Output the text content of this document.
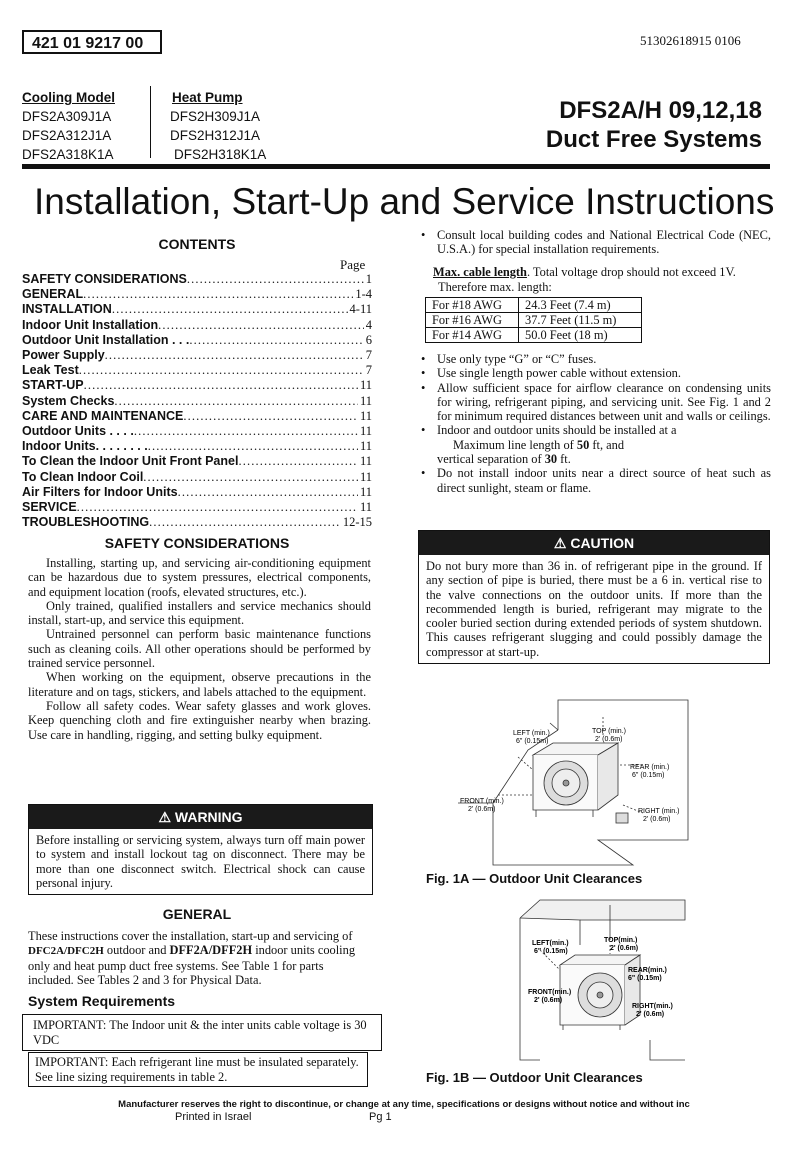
421 01 9217 00	51302618915 0106
Cooling Model
DFS2A309J1A
DFS2A312J1A
DFS2A318K1A
Heat Pump
DFS2H309J1A
DFS2H312J1A
DFS2H318K1A
DFS2A/H 09,12,18
Duct Free Systems
Installation, Start-Up and Service Instructions
CONTENTS
Page
SAFETY CONSIDERATIONS . . .	1
GENERAL . . .	1-4
INSTALLATION . . .	4-11
Indoor Unit Installation . . .	4
Outdoor Unit Installation . . . . . .	6
Power Supply . . .	7
Leak Test . . .	7
START-UP . . .	11
System Checks . . .	11
CARE AND MAINTENANCE . . .	11
Outdoor Units . . . . . . .	11
Indoor Units. . . . . . . . . . .	11
To Clean the Indoor Unit Front Panel . . .	11
To Clean Indoor Coil . . .	11
Air Filters for Indoor Units . . .	11
SERVICE . . .	11
TROUBLESHOOTING . . .	12-15
SAFETY CONSIDERATIONS

Installing, starting up, and servicing air-conditioning equipment can be hazardous due to system pressures, electrical components, and equipment location (roofs, elevated structures, etc.).

Only trained, qualified installers and service mechanics should install, start-up, and service this equipment.

Untrained personnel can perform basic maintenance functions such as cleaning coils. All other operations should be performed by trained service personnel.

When working on the equipment, observe precautions in the literature and on tags, stickers, and labels attached to the equipment.

Follow all safety codes. Wear safety glasses and work gloves. Keep quenching cloth and fire extinguisher nearby when brazing. Use care in handling, rigging, and setting bulky equipment.

⚠ WARNING
Before installing or servicing system, always turn off main power to system and install lockout tag on disconnect. There may be more than one disconnect switch. Electrical shock can cause personal injury.
GENERAL
These instructions cover the installation, start-up and servicing of DFC2A/DFC2H outdoor and DFF2A/DFF2H indoor units cooling only and heat pump duct free systems. See Table 1 for parts included. See Tables 2 and 3 for Physical Data.
System Requirements
IMPORTANT: The Indoor unit & the inter units cable voltage is 30 VDC
IMPORTANT: Each refrigerant line must be insulated separately. See line sizing requirements in table 2.
• Consult local building codes and National Electrical Code (NEC, U.S.A.) for special installation requirements.
Max. cable length. Total voltage drop should not exceed 1V.
Therefore max. length:
For #18 AWG	24.3 Feet (7.4 m)
For #16 AWG	37.7 Feet (11.5 m)
For #14 AWG	50.0 Feet (18 m)
• Use only type “G” or “C” fuses.
• Use single length power cable without extension.
• Allow sufficient space for airflow clearance on condensing units for wiring, refrigerant piping, and servicing unit. See Fig. 1 and 2 for minimum required distances between unit and walls or ceilings.
• Indoor and outdoor units should be installed at a
Maximum line length of 50 ft, and
vertical separation of 30 ft.
• Do not install indoor units near a direct source of heat such as direct sunlight, steam or flame.
⚠ CAUTION
Do not bury more than 36 in. of refrigerant pipe in the ground. If any section of pipe is buried, there must be a 6 in. vertical rise to the valve connections on the outdoor units. If more than the recommended length is buried, refrigerant may migrate to the cooler buried section during extended periods of system shutdown. This causes refrigerant slugging and could possibly damage the compressor at start-up.
LEFT (min.)
6" (0.15m)
TOP (min.)
2' (0.6m)
REAR (min.)
6" (0.15m)
FRONT (min.)
2' (0.6m)	RIGHT (min.)
2' (0.6m)
Fig. 1A — Outdoor Unit Clearances
LEFT(min.)
6" (0.15m)
TOP(min.)
2' (0.6m)
REAR(min.)
6" (0.15m)
FRONT(min.)
2' (0.6m)
RIGHT(min.)
2' (0.6m)
Fig. 1B — Outdoor Unit Clearances
Manufacturer reserves the right to discontinue, or change at any time, specifications or designs without notice and without inc
Printed in Israel	Pg 1
